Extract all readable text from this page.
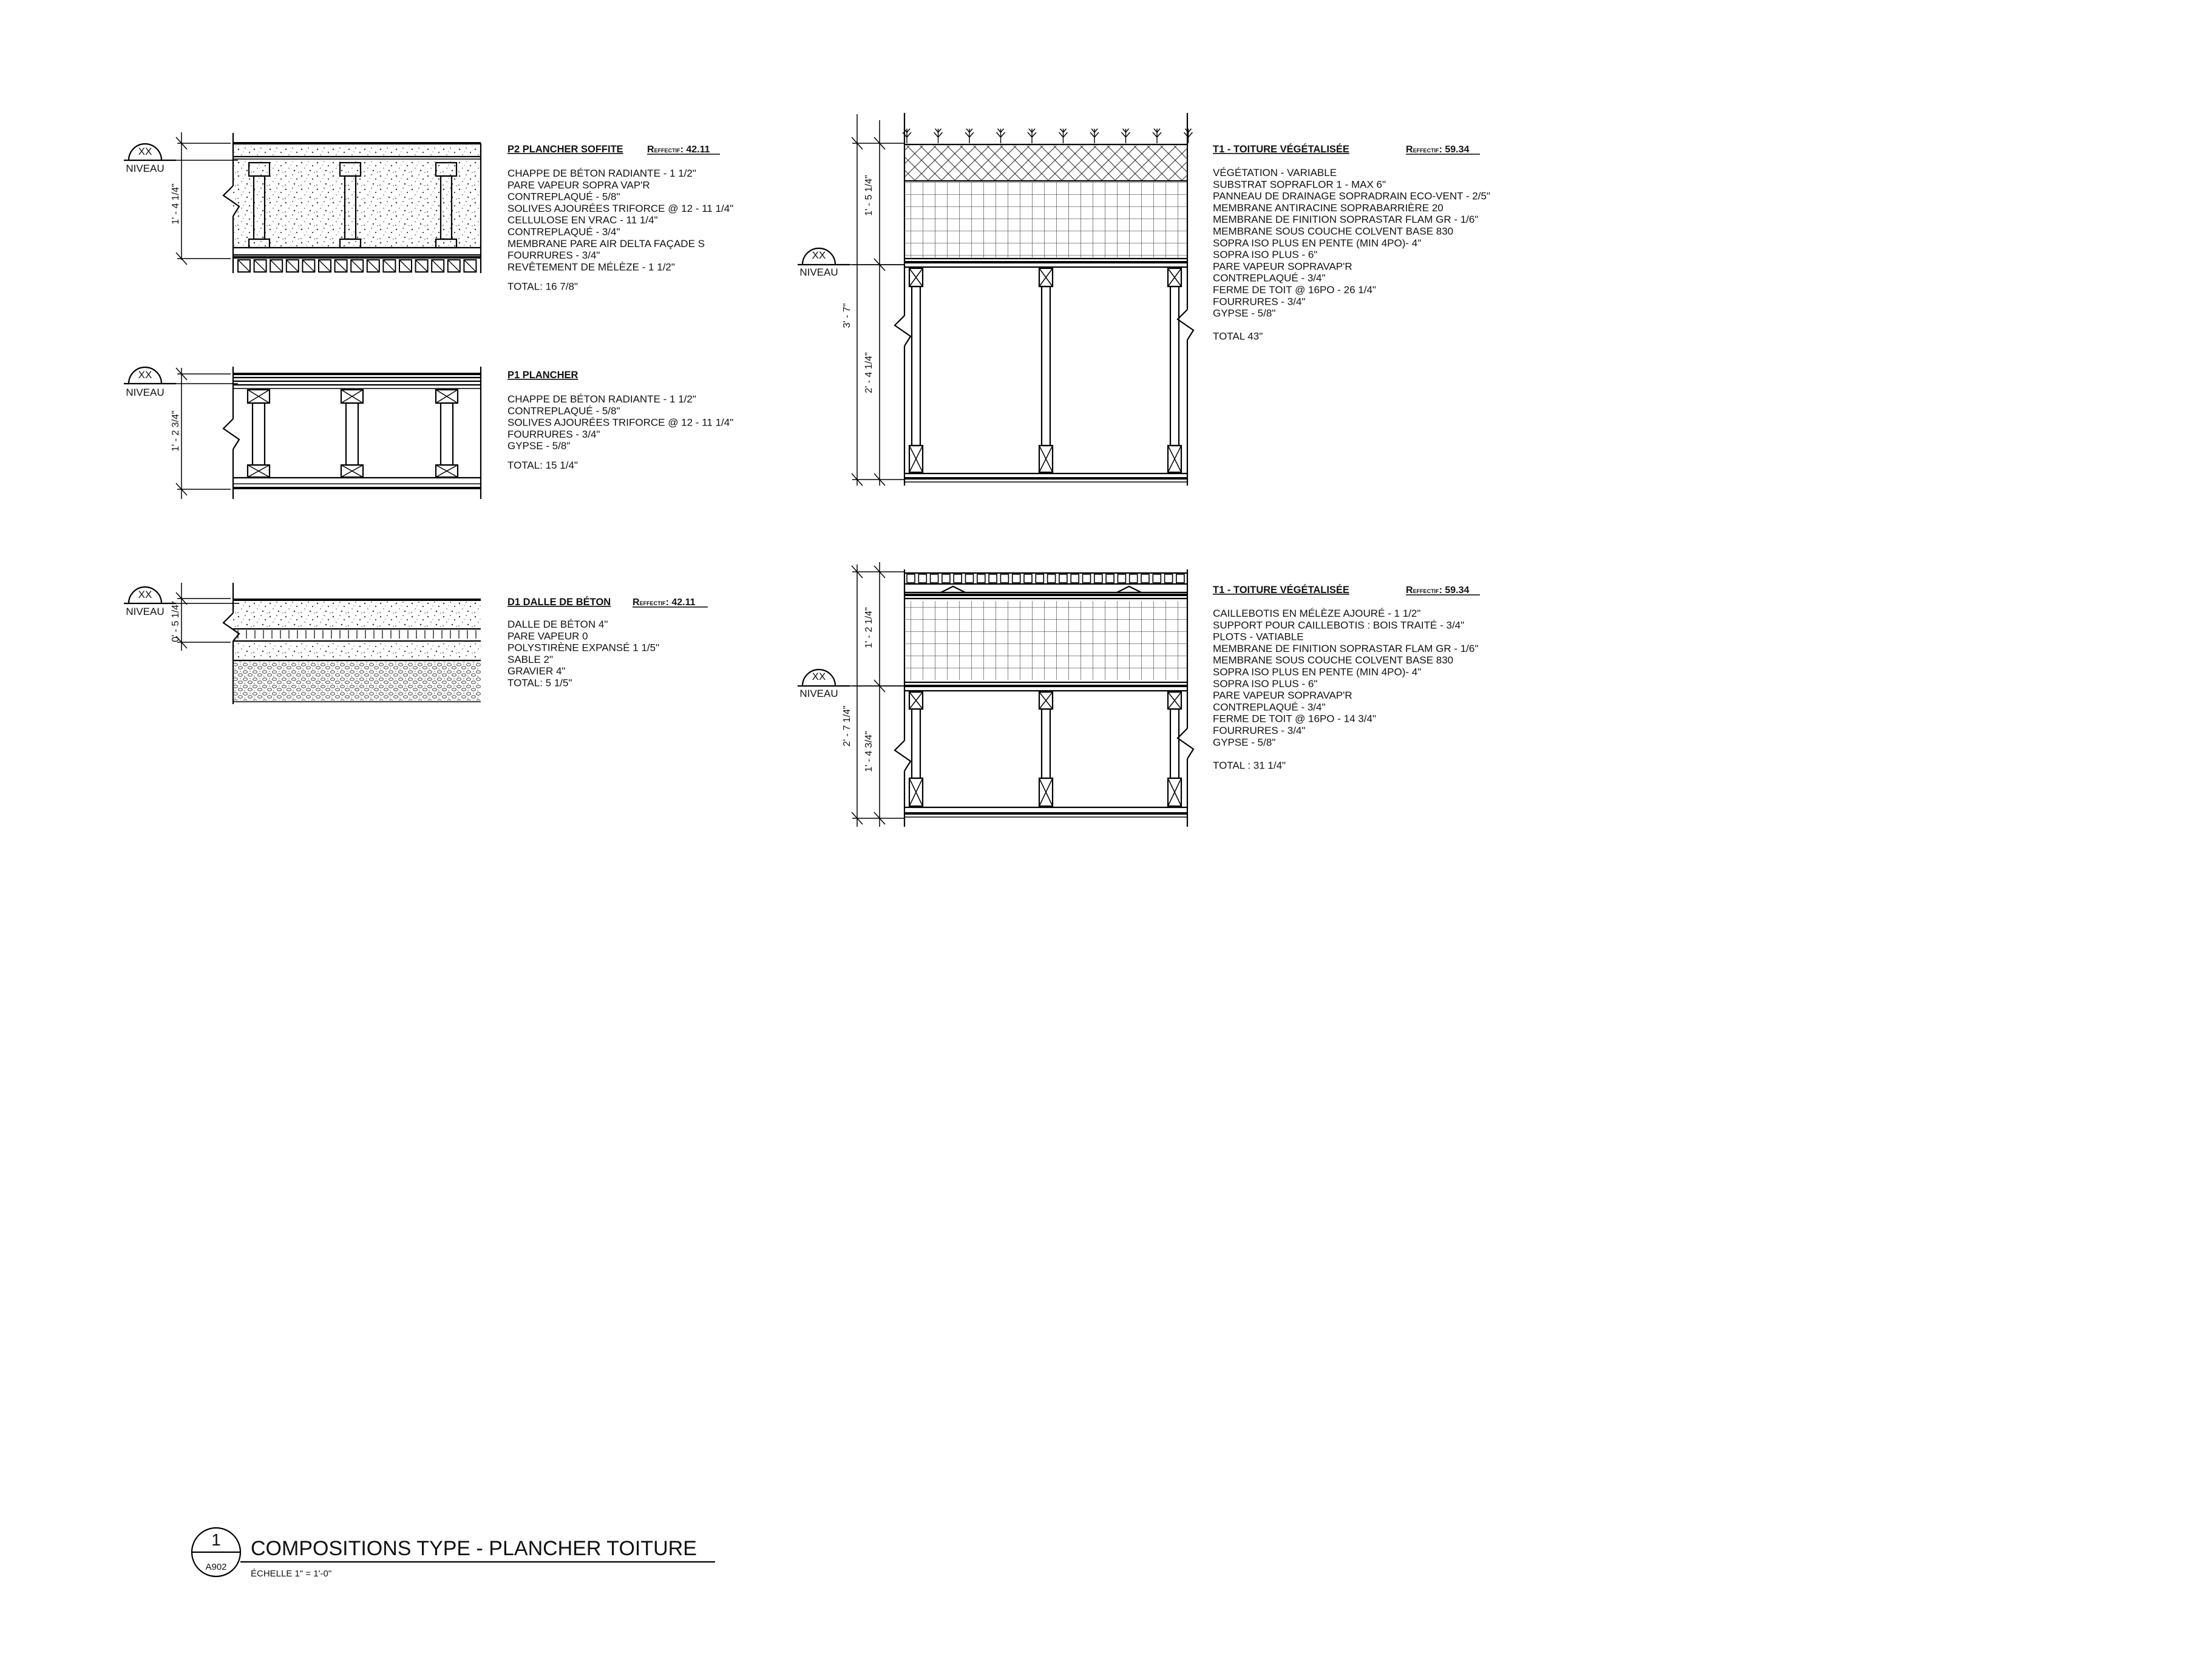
XX
NIVEAU
1' - 4 1/4"
P2 PLANCHER SOFFITE REFFECTIF: 42.11
CHAPPE DE BÉTON RADIANTE - 1 1/2"
PARE VAPEUR SOPRA VAP'R
CONTREPLAQUÉ - 5/8"
SOLIVES AJOURÉES TRIFORCE @ 12 - 11 1/4"
CELLULOSE EN VRAC - 11 1/4"
CONTREPLAQUÉ - 3/4"
MEMBRANE PARE AIR DELTA FAÇADE S
FOURRURES - 3/4"
REVÊTEMENT DE MÉLÈZE - 1 1/2"
TOTAL: 16 7/8"
XX
NIVEAU
1' - 2 3/4"
P1 PLANCHER
CHAPPE DE BÉTON RADIANTE - 1 1/2"
CONTREPLAQUÉ - 5/8"
SOLIVES AJOURÉES TRIFORCE @ 12 - 11 1/4"
FOURRURES - 3/4"
GYPSE - 5/8"
TOTAL: 15 1/4"
XX
NIVEAU 0' - 5 1/4"	D1 DALLE DE BÉTON REFFECTIF: 42.11
DALLE DE BÉTON 4"
PARE VAPEUR 0
POLYSTIRÈNE EXPANSÉ 1 1/5"
SABLE 2"
GRAVIER 4"
TOTAL: 5 1/5"
XX
NIVEAU
1' - 5 1/4"
3' - 7"
2' - 4 1/4"
T1 - TOITURE VÉGÉTALISÉE	REFFECTIF: 59.34
VÉGÉTATION - VARIABLE
SUBSTRAT SOPRAFLOR 1 - MAX 6"
PANNEAU DE DRAINAGE SOPRADRAIN ECO-VENT - 2/5"
MEMBRANE ANTIRACINE SOPRABARRIÈRE 20
MEMBRANE DE FINITION SOPRASTAR FLAM GR - 1/6"
MEMBRANE SOUS COUCHE COLVENT BASE 830
SOPRA ISO PLUS EN PENTE (MIN 4PO)- 4"
SOPRA ISO PLUS - 6"
PARE VAPEUR SOPRAVAP'R
CONTREPLAQUÉ - 3/4"
FERME DE TOIT @ 16PO - 26 1/4"
FOURRURES - 3/4"
GYPSE - 5/8"
TOTAL 43"
XX
NIVEAU
1' - 2 1/4"
2' - 7 1/4"
1' - 4 3/4"
T1 - TOITURE VÉGÉTALISÉE	REFFECTIF: 59.34
CAILLEBOTIS EN MÉLÈZE AJOURÉ - 1 1/2"
SUPPORT POUR CAILLEBOTIS : BOIS TRAITÉ - 3/4"
PLOTS - VATIABLE
MEMBRANE DE FINITION SOPRASTAR FLAM GR - 1/6"
MEMBRANE SOUS COUCHE COLVENT BASE 830
SOPRA ISO PLUS EN PENTE (MIN 4PO)- 4"
SOPRA ISO PLUS - 6"
PARE VAPEUR SOPRAVAP'R
CONTREPLAQUÉ - 3/4"
FERME DE TOIT @ 16PO - 14 3/4"
FOURRURES - 3/4"
GYPSE - 5/8"
TOTAL : 31 1/4"
1
A902
COMPOSITIONS TYPE - PLANCHER TOITURE
ÉCHELLE 1" = 1'-0"
